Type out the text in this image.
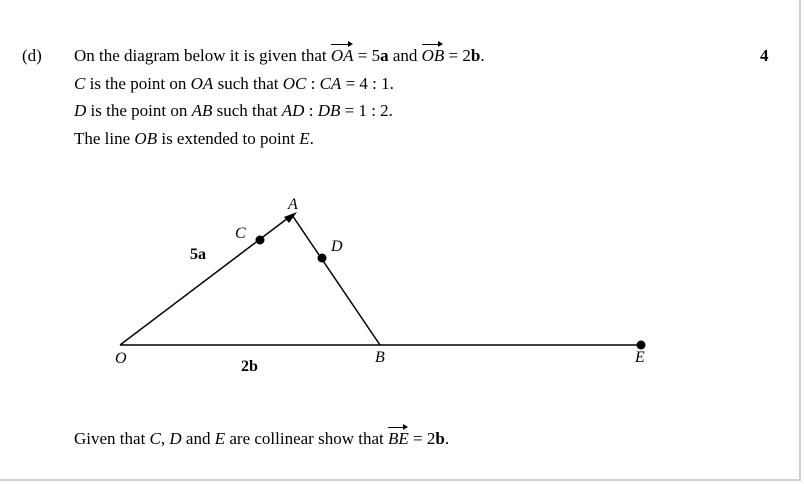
(d)	4
On the diagram below it is given that OA = 5a and OB = 2b.
C is the point on OA such that OC : CA = 4 : 1.
D is the point on AB such that AD : DB = 1 : 2.
The line OB is extended to point E.
O
A
B
C
D
E
5a
2b
Given that C, D and E are collinear show that BE = 2b.
